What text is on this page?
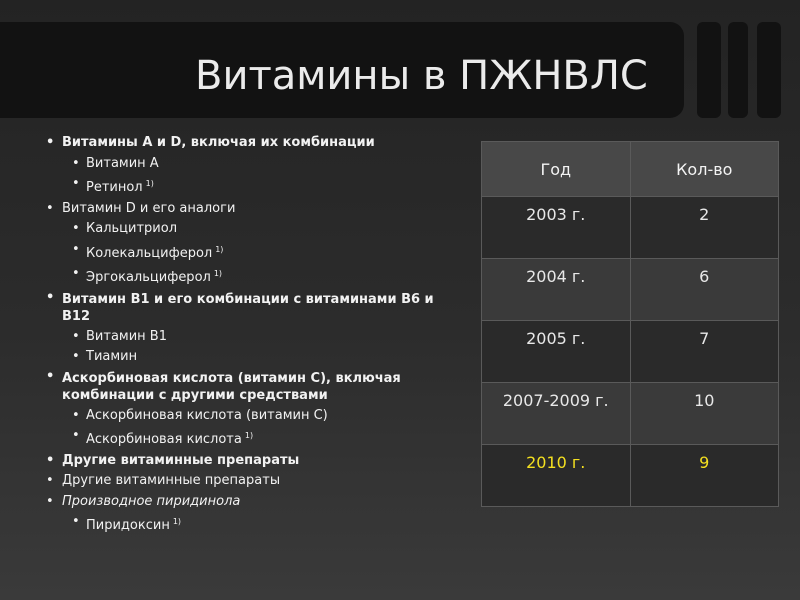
Витамины в ПЖНВЛС
• Витамины А и D, включая их комбинации
• Витамин А
• Ретинол $^{1)}$
• Витамин D и его аналоги
• Кальцитриол
• Колекальциферол $^{1)}$
• Эргокальциферол $^{1)}$
• Витамин В1 и его комбинации с витаминами В6 и В12
• Витамин В1
• Тиамин
• Аскорбиновая кислота (витамин С), включая комбинации с другими средствами
• Аскорбиновая кислота (витамин С)
• Аскорбиновая кислота $^{1)}$
• Другие витаминные препараты
• Другие витаминные препараты
• Производное пиридинола
• Пиридоксин $^{1)}$
Год	Кол-во
2003 г.	2
2004 г.	6
2005 г.	7
2007-2009 г.	10
2010 г.	9
